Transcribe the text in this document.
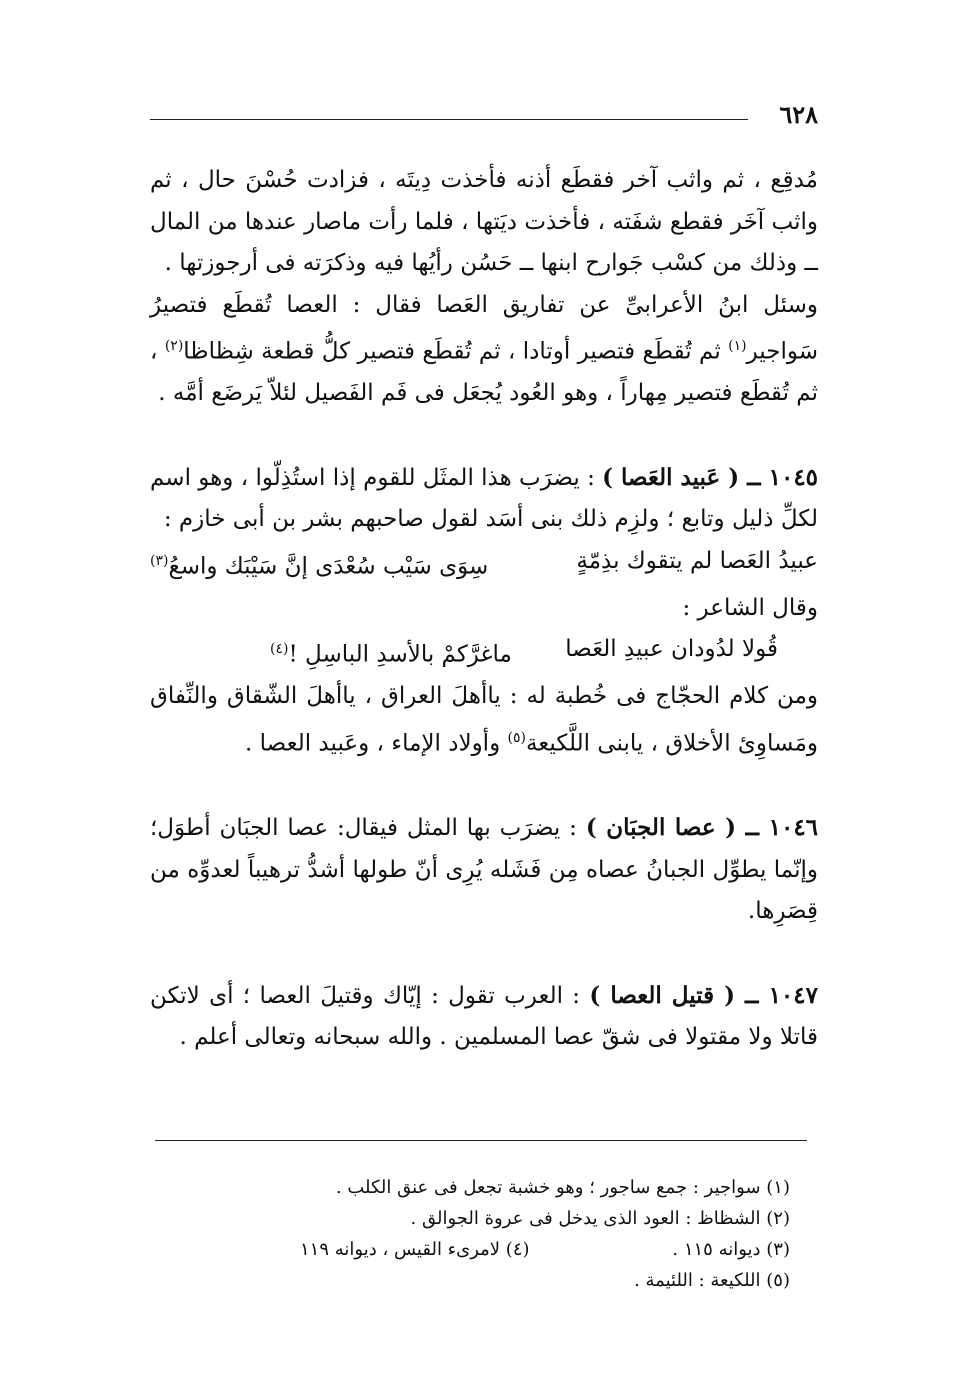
٦٢٨

مُدقِع ، ثم واثب آخر فقطَع أذنه فأخذت دِيتَه ، فزادت حُسْنَ حال ، ثم واثب آخَر فقطع شفَته ، فأخذت ديَتها ، فلما رأت ماصار عندها من المال ــ وذلك من كسْب جَوارح ابنها ــ حَسُن رأيُها فيه وذكرَته فى أرجوزتها .

وسئل ابنُ الأعرابىِّ عن تفاريق العَصا فقال : العصا تُقطَع فتصيرُ سَواجير$^{(١)}$ ثم تُقطَع فتصير أوتادا ، ثم تُقطَع فتصير كلُّ قطعة شِظاظا$^{(٢)}$ ، ثم تُقطَع فتصير مِهاراً ، وهو العُود يُجعَل فى فَم الفَصيل لئلاّ يَرضَع أمَّه .

١٠٤٥ ــ ( عَبيد العَصا ) : يضرَب هذا المثَل للقوم إذا استُذِلّوا ، وهو اسم لكلِّ ذليل وتابع ؛ ولزِم ذلك بنى أسَد لقول صاحبهم بشر بن أبى خازم :

عبيدُ العَصا لم يتقوك بذِمّةٍ
سِوَى سَيْب سُعْدَى إنَّ سَيْبَك واسعُ$^{(٣)}$

وقال الشاعر :

قُولا لدُودان عبيدِ العَصا
ماغرَّكمْ بالأسدِ الباسِلِ !$^{(٤)}$

ومن كلام الحجّاج فى خُطبة له : ياأهلَ العراق ، ياأهلَ الشّقاق والنِّفاق ومَساوِئ الأخلاق ، يابنى اللَّكيعة$^{(٥)}$ وأولاد الإماء ، وعَبيد العصا .

١٠٤٦ ــ ( عصا الجبَان ) : يضرَب بها المثل فيقال: عصا الجبَان أطوَل؛ وإنّما يطوِّل الجبانُ عصاه مِن فَشَله يُرِى أنّ طولها أشدُّ ترهيباً لعدوِّه من قِصَرِها.

١٠٤٧ ــ ( قتيل العصا ) : العرب تقول : إيّاك وقتيلَ العصا ؛ أى لاتكن قاتلا ولا مقتولا فى شقّ عصا المسلمين . والله سبحانه وتعالى أعلم .

(١) سواجير : جمع ساجور ؛ وهو خشبة تجعل فى عنق الكلب .

(٢) الشظاظ : العود الذى يدخل فى عروة الجوالق .

(٣) ديوانه ١١٥ .
(٤) لامرىء القيس ، ديوانه ١١٩

(٥) اللكيعة : اللئيمة .
